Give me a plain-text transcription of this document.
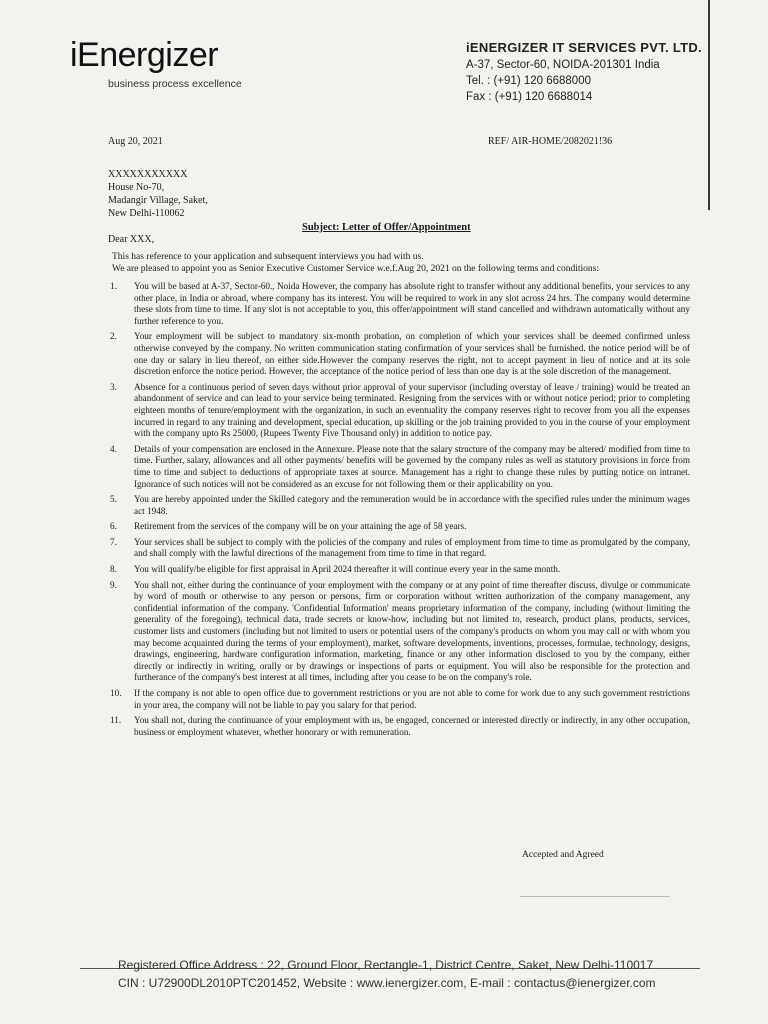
iEnergizer
business process excellence
iENERGIZER IT SERVICES PVT. LTD.
A-37, Sector-60, NOIDA-201301 India
Tel. : (+91) 120 6688000
Fax : (+91) 120 6688014
Aug 20, 2021	REF/ AIR-HOME/2082021!36
XXXXXXXXXXX
House No-70,
Madangir Village, Saket,
New Delhi-110062
Subject: Letter of Offer/Appointment
Dear XXX,
This has reference to your application and subsequent interviews you had with us.
We are pleased to appoint you as Senior Executive Customer Service w.e.f.Aug 20, 2021 on the following terms and conditions:
1. You will be based at A-37, Sector-60., Noida However, the company has absolute right to transfer without any additional benefits, your services to any other place, in India or abroad, where company has its interest. You will be required to work in any slot across 24 hrs. The company would determine these slots from time to time. If any slot is not acceptable to you, this offer/appointment will stand cancelled and withdrawn automatically without any further reference to you.
2. Your employment will be subject to mandatory six-month probation, on completion of which your services shall be deemed confirmed unless otherwise conveyed by the company. No written communication stating confirmation of your services shall be furnished. the notice period will be of one day or salary in lieu thereof, on either side.However the company reserves the right, not to accept payment in lieu of notice and at its sole discretion enforce the notice period. However, the acceptance of the notice period of less than one day is at the sole discretion of the management.
3. Absence for a continuous period of seven days without prior approval of your supervisor (including overstay of leave / training) would be treated an abandonment of service and can lead to your service being terminated. Resigning from the services with or without notice period; prior to completing eighteen months of tenure/employment with the organization, in such an eventuality the company reserves right to recover from you all the expenses incurred in regard to any training and development, special education, up skilling or the job training provided to you in the course of your employment with the company upto Rs 25000, (Rupees Twenty Five Thousand only) in addition to notice pay.
4. Details of your compensation are enclosed in the Annexure. Please note that the salary structure of the company may be altered/ modified from time to time. Further, salary, allowances and all other payments/ benefits will be governed by the company rules as well as statutory provisions in force from time to time and subject to deductions of appropriate taxes at source. Management has a right to change these rules by putting notice on intranet. Ignorance of such notices will not be considered as an excuse for not following them or their applicability on you.
5. You are hereby appointed under the Skilled category and the remuneration would be in accordance with the specified rules under the minimum wages act 1948.
6. Retirement from the services of the company will be on your attaining the age of 58 years.
7. Your services shall be subject to comply with the policies of the company and rules of employment from time to time as promulgated by the company, and shall comply with the lawful directions of the management from time to time in that regard.
8. You will qualify/be eligible for first appraisal in April 2024 thereafter it will continue every year in the same month.
9. You shall not, either during the continuance of your employment with the company or at any point of time thereafter discuss, divulge or communicate by word of mouth or otherwise to any person or persons, firm or corporation without written authorization of the company management, any confidential information of the company. 'Confidential Information' means proprietary information of the company, including (without limiting the generality of the foregoing), technical data, trade secrets or know-how, including but not limited to, research, product plans, products, services, customer lists and customers (including but not limited to users or potential users of the company's products on whom you may call or with whom you may become acquainted during the terms of your employment), market, software developments, inventions, processes, formulae, technology, designs, drawings, engineering, hardware configuration information, marketing, finance or any other information disclosed to you by the company, either directly or indirectly in writing, orally or by drawings or inspections of parts or equipment. You will also be responsible for the protection and furtherance of the company's best interest at all times, including after you cease to be on the company's role.
10. If the company is not able to open office due to government restrictions or you are not able to come for work due to any such government restrictions in your area, the company will not be liable to pay you salary for that period.
11. You shall not, during the continuance of your employment with us, be engaged, concerned or interested directly or indirectly, in any other occupation, business or employment whatever, whether honorary or with remuneration.
Accepted and Agreed
Registered Office Address : 22, Ground Floor, Rectangle-1, District Centre, Saket, New Delhi-110017
CIN : U72900DL2010PTC201452, Website : www.ienergizer.com, E-mail : contactus@ienergizer.com
